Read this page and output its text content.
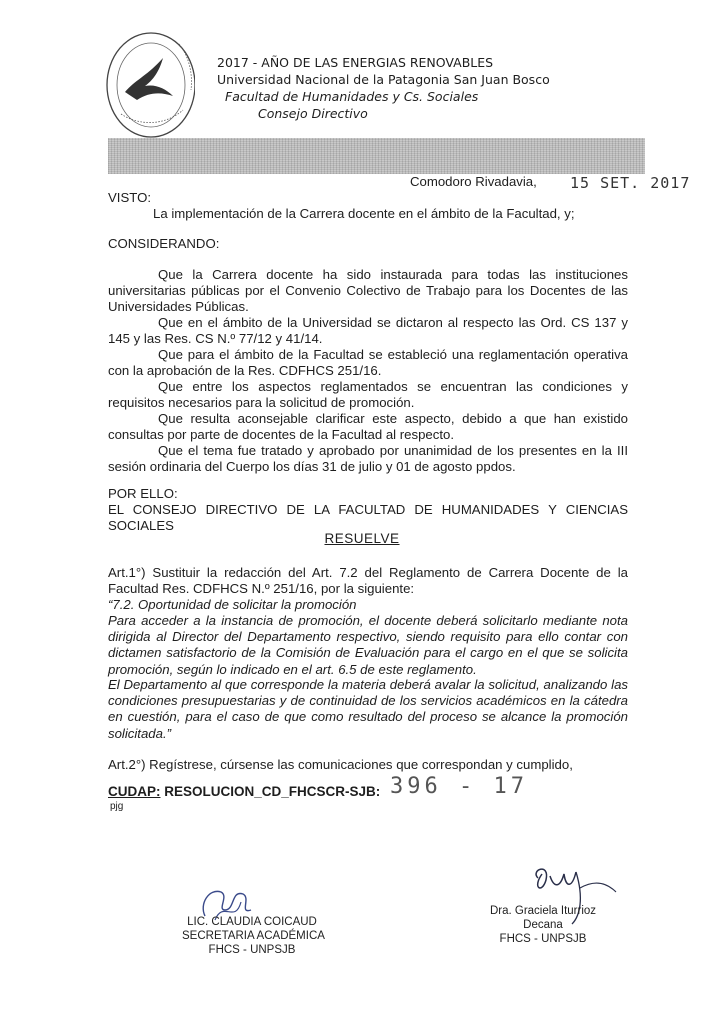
2017 - AÑO DE LAS ENERGIAS RENOVABLES
Universidad Nacional de la Patagonia San Juan Bosco
Facultad de Humanidades y Cs. Sociales
Consejo Directivo
Comodoro Rivadavia, 15 SET. 2017
VISTO:
La implementación de la Carrera docente en el ámbito de la Facultad, y;
CONSIDERANDO:
Que la Carrera docente ha sido instaurada para todas las instituciones universitarias públicas por el Convenio Colectivo de Trabajo para los Docentes de las Universidades Públicas.
Que en el ámbito de la Universidad se dictaron al respecto las Ord. CS 137 y 145 y las Res. CS N.º 77/12 y 41/14.
Que para el ámbito de la Facultad se estableció una reglamentación operativa con la aprobación de la Res. CDFHCS 251/16.
Que entre los aspectos reglamentados se encuentran las condiciones y requisitos necesarios para la solicitud de promoción.
Que resulta aconsejable clarificar este aspecto, debido a que han existido consultas por parte de docentes de la Facultad al respecto.
Que el tema fue tratado y aprobado por unanimidad de los presentes en la III sesión ordinaria del Cuerpo los días 31 de julio y 01 de agosto ppdos.
POR ELLO:
EL CONSEJO DIRECTIVO DE LA FACULTAD DE HUMANIDADES Y CIENCIAS SOCIALES
RESUELVE
Art.1°) Sustituir la redacción del Art. 7.2 del Reglamento de Carrera Docente de la Facultad Res. CDFHCS N.º 251/16, por la siguiente:
“7.2. Oportunidad de solicitar la promoción
Para acceder a la instancia de promoción, el docente deberá solicitarlo mediante nota dirigida al Director del Departamento respectivo, siendo requisito para ello contar con dictamen satisfactorio de la Comisión de Evaluación para el cargo en el que se solicita promoción, según lo indicado en el art. 6.5 de este reglamento.
El Departamento al que corresponde la materia deberá avalar la solicitud, analizando las condiciones presupuestarias y de continuidad de los servicios académicos en la cátedra en cuestión, para el caso de que como resultado del proceso se alcance la promoción solicitada.”
Art.2°) Regístrese, cúrsense las comunicaciones que correspondan y cumplido,
CUDAP: RESOLUCION_CD_FHCSCR-SJB: 396 - 17
pjg
LIC. CLAUDIA COICAUD
SECRETARIA ACADÉMICA
FHCS - UNPSJB
Dra. Graciela Iturrioz
Decana
FHCS - UNPSJB
